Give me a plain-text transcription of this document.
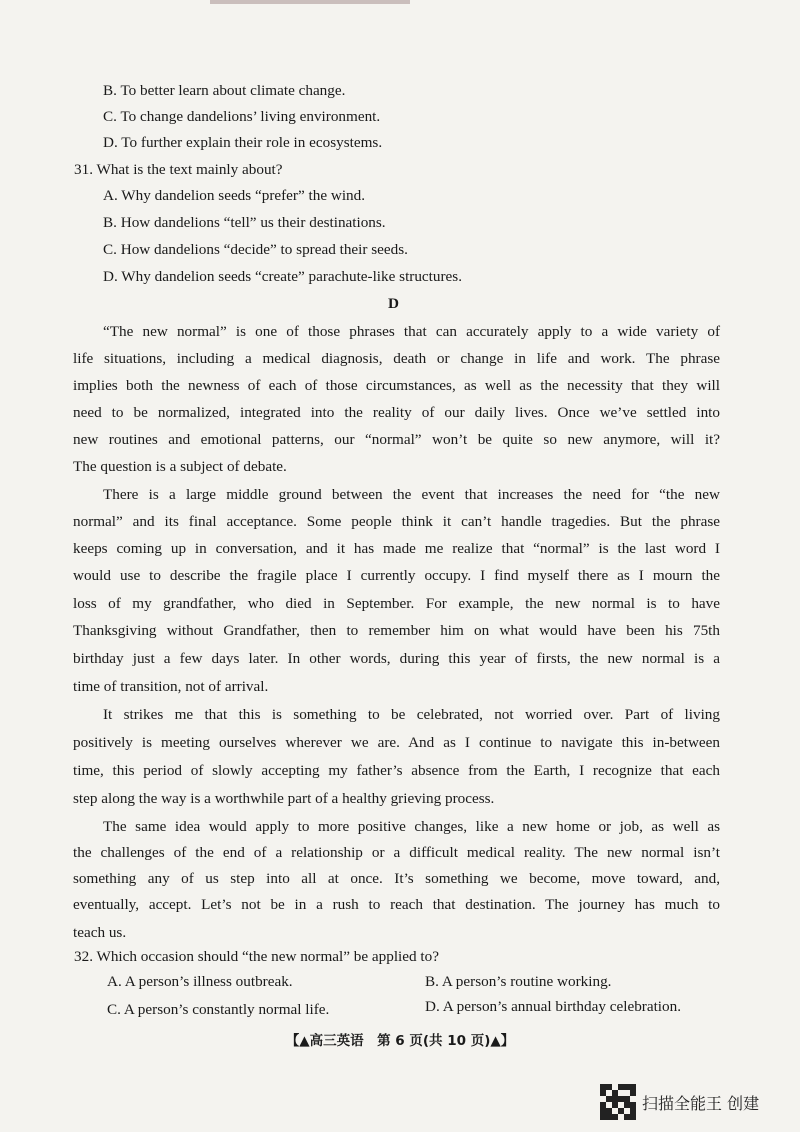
B. To better learn about climate change.
C. To change dandelions’ living environment.
D. To further explain their role in ecosystems.
31. What is the text mainly about?
A. Why dandelion seeds “prefer” the wind.
B. How dandelions “tell” us their destinations.
C. How dandelions “decide” to spread their seeds.
D. Why dandelion seeds “create” parachute-like structures.
D
“The new normal” is one of those phrases that can accurately apply to a wide variety of
life situations, including a medical diagnosis, death or change in life and work. The phrase
implies both the newness of each of those circumstances, as well as the necessity that they will
need to be normalized, integrated into the reality of our daily lives. Once we’ve settled into
new routines and emotional patterns, our “normal” won’t be quite so new anymore, will it?
The question is a subject of debate.
There is a large middle ground between the event that increases the need for “the new
normal” and its final acceptance. Some people think it can’t handle tragedies. But the phrase
keeps coming up in conversation, and it has made me realize that “normal” is the last word I
would use to describe the fragile place I currently occupy. I find myself there as I mourn the
loss of my grandfather, who died in September. For example, the new normal is to have
Thanksgiving without Grandfather, then to remember him on what would have been his 75th
birthday just a few days later. In other words, during this year of firsts, the new normal is a
time of transition, not of arrival.
It strikes me that this is something to be celebrated, not worried over. Part of living
positively is meeting ourselves wherever we are. And as I continue to navigate this in-between
time, this period of slowly accepting my father’s absence from the Earth, I recognize that each
step along the way is a worthwhile part of a healthy grieving process.
The same idea would apply to more positive changes, like a new home or job, as well as
the challenges of the end of a relationship or a difficult medical reality. The new normal isn’t
something any of us step into all at once. It’s something we become, move toward, and,
eventually, accept. Let’s not be in a rush to reach that destination. The journey has much to
teach us.
32. Which occasion should “the new normal” be applied to?
A. A person’s illness outbreak.	B. A person’s routine working.
C. A person’s constantly normal life.	D. A person’s annual birthday celebration.
【▲高三英语　第 6 页(共 10 页)▲】
扫描全能王 创建
